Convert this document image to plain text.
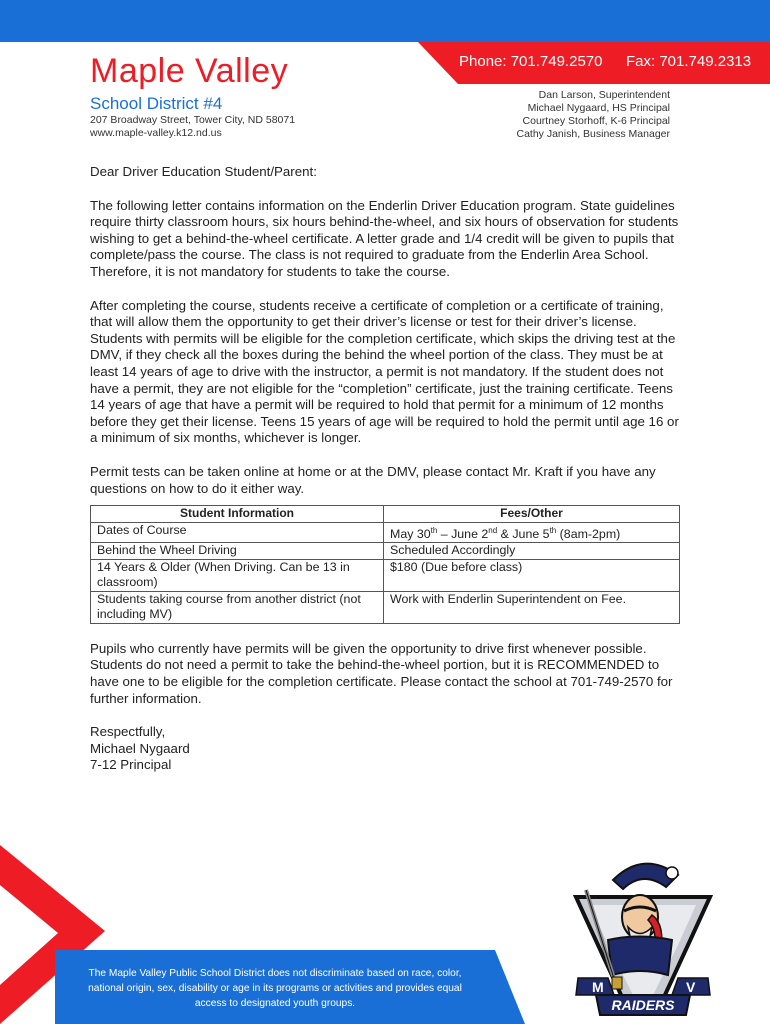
Phone: 701.749.2570 Fax: 701.749.2313
Maple Valley
School District #4
207 Broadway Street, Tower City, ND 58071
www.maple-valley.k12.nd.us
Dan Larson, Superintendent
Michael Nygaard, HS Principal
Courtney Storhoff, K-6 Principal
Cathy Janish, Business Manager

Dear Driver Education Student/Parent:

The following letter contains information on the Enderlin Driver Education program. State guidelines require thirty classroom hours, six hours behind-the-wheel, and six hours of observation for students wishing to get a behind-the-wheel certificate. A letter grade and 1/4 credit will be given to pupils that complete/pass the course. The class is not required to graduate from the Enderlin Area School. Therefore, it is not mandatory for students to take the course.

After completing the course, students receive a certificate of completion or a certificate of training, that will allow them the opportunity to get their driver’s license or test for their driver’s license. Students with permits will be eligible for the completion certificate, which skips the driving test at the DMV, if they check all the boxes during the behind the wheel portion of the class. They must be at least 14 years of age to drive with the instructor, a permit is not mandatory. If the student does not have a permit, they are not eligible for the “completion” certificate, just the training certificate. Teens 14 years of age that have a permit will be required to hold that permit for a minimum of 12 months before they get their license. Teens 15 years of age will be required to hold the permit until age 16 or a minimum of six months, whichever is longer.

Permit tests can be taken online at home or at the DMV, please contact Mr. Kraft if you have any questions on how to do it either way.

Student Information	Fees/Other
Dates of Course	May 30th – June 2nd & June 5th (8am-2pm)
Behind the Wheel Driving	Scheduled Accordingly
14 Years & Older (When Driving. Can be 13 in classroom)	$180 (Due before class)
Students taking course from another district (not including MV)	Work with Enderlin Superintendent on Fee.

Pupils who currently have permits will be given the opportunity to drive first whenever possible. Students do not need a permit to take the behind-the-wheel portion, but it is RECOMMENDED to have one to be eligible for the completion certificate. Please contact the school at 701-749-2570 for further information.

Respectfully,
Michael Nygaard
7-12 Principal
The Maple Valley Public School District does not discriminate based on race, color, national origin, sex, disability or age in its programs or activities and provides equal access to designated youth groups.
M	V
RAIDERS
